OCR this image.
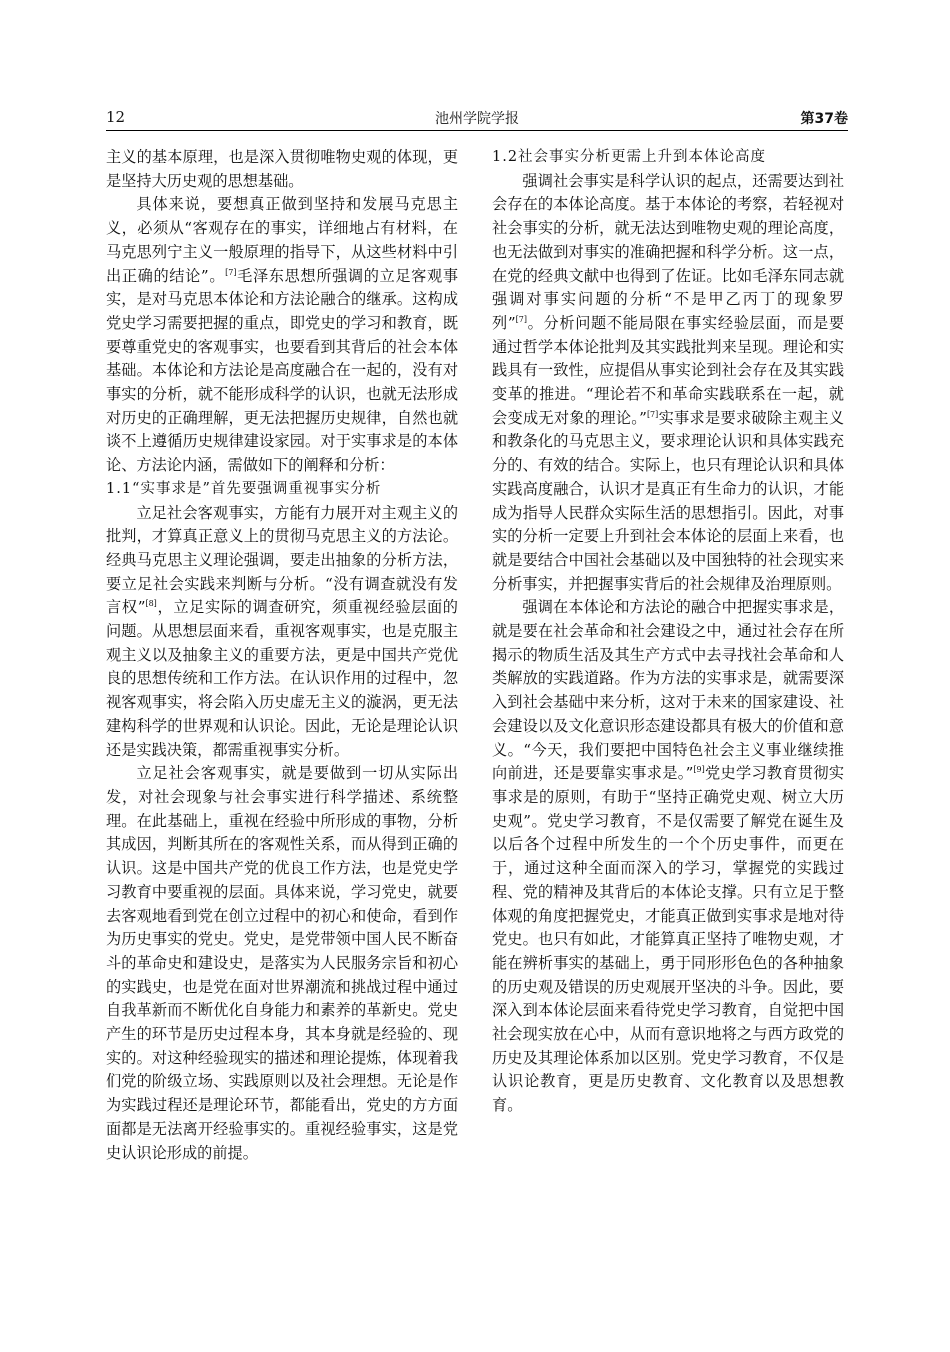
12	池州学院学报	第37卷

主义的基本原理，也是深入贯彻唯物史观的体现，更是坚持大历史观的思想基础。

具体来说，要想真正做到坚持和发展马克思主义，必须从“客观存在的事实，详细地占有材料，在马克思列宁主义一般原理的指导下，从这些材料中引出正确的结论”。[7]毛泽东思想所强调的立足客观事实，是对马克思本体论和方法论融合的继承。这构成党史学习需要把握的重点，即党史的学习和教育，既要尊重党史的客观事实，也要看到其背后的社会本体基础。本体论和方法论是高度融合在一起的，没有对事实的分析，就不能形成科学的认识，也就无法形成对历史的正确理解，更无法把握历史规律，自然也就谈不上遵循历史规律建设家园。对于实事求是的本体论、方法论内涵，需做如下的阐释和分析：

1.1“实事求是”首先要强调重视事实分析

立足社会客观事实，方能有力展开对主观主义的批判，才算真正意义上的贯彻马克思主义的方法论。经典马克思主义理论强调，要走出抽象的分析方法，要立足社会实践来判断与分析。“没有调查就没有发言权”[8]，立足实际的调查研究，须重视经验层面的问题。从思想层面来看，重视客观事实，也是克服主观主义以及抽象主义的重要方法，更是中国共产党优良的思想传统和工作方法。在认识作用的过程中，忽视客观事实，将会陷入历史虚无主义的漩涡，更无法建构科学的世界观和认识论。因此，无论是理论认识还是实践决策，都需重视事实分析。

立足社会客观事实，就是要做到一切从实际出发，对社会现象与社会事实进行科学描述、系统整理。在此基础上，重视在经验中所形成的事物，分析其成因，判断其所在的客观性关系，而从得到正确的认识。这是中国共产党的优良工作方法，也是党史学习教育中要重视的层面。具体来说，学习党史，就要去客观地看到党在创立过程中的初心和使命，看到作为历史事实的党史。党史，是党带领中国人民不断奋斗的革命史和建设史，是落实为人民服务宗旨和初心的实践史，也是党在面对世界潮流和挑战过程中通过自我革新而不断优化自身能力和素养的革新史。党史产生的环节是历史过程本身，其本身就是经验的、现实的。对这种经验现实的描述和理论提炼，体现着我们党的阶级立场、实践原则以及社会理想。无论是作为实践过程还是理论环节，都能看出，党史的方方面面都是无法离开经验事实的。重视经验事实，这是党史认识论形成的前提。

1.2社会事实分析更需上升到本体论高度

强调社会事实是科学认识的起点，还需要达到社会存在的本体论高度。基于本体论的考察，若轻视对社会事实的分析，就无法达到唯物史观的理论高度，也无法做到对事实的准确把握和科学分析。这一点，在党的经典文献中也得到了佐证。比如毛泽东同志就强调对事实问题的分析“不是甲乙丙丁的现象罗列”[7]。分析问题不能局限在事实经验层面，而是要通过哲学本体论批判及其实践批判来呈现。理论和实践具有一致性，应提倡从事实论到社会存在及其实践变革的推进。“理论若不和革命实践联系在一起，就会变成无对象的理论。”[7]实事求是要求破除主观主义和教条化的马克思主义，要求理论认识和具体实践充分的、有效的结合。实际上，也只有理论认识和具体实践高度融合，认识才是真正有生命力的认识，才能成为指导人民群众实际生活的思想指引。因此，对事实的分析一定要上升到社会本体论的层面上来看，也就是要结合中国社会基础以及中国独特的社会现实来分析事实，并把握事实背后的社会规律及治理原则。

强调在本体论和方法论的融合中把握实事求是，就是要在社会革命和社会建设之中，通过社会存在所揭示的物质生活及其生产方式中去寻找社会革命和人类解放的实践道路。作为方法的实事求是，就需要深入到社会基础中来分析，这对于未来的国家建设、社会建设以及文化意识形态建设都具有极大的价值和意义。“今天，我们要把中国特色社会主义事业继续推向前进，还是要靠实事求是。”[9]党史学习教育贯彻实事求是的原则，有助于“坚持正确党史观、树立大历史观”。党史学习教育，不是仅需要了解党在诞生及以后各个过程中所发生的一个个历史事件，而更在于，通过这种全面而深入的学习，掌握党的实践过程、党的精神及其背后的本体论支撑。只有立足于整体观的角度把握党史，才能真正做到实事求是地对待党史。也只有如此，才能算真正坚持了唯物史观，才能在辨析事实的基础上，勇于同形形色色的各种抽象的历史观及错误的历史观展开坚决的斗争。因此，要深入到本体论层面来看待党史学习教育，自觉把中国社会现实放在心中，从而有意识地将之与西方政党的历史及其理论体系加以区别。党史学习教育，不仅是认识论教育，更是历史教育、文化教育以及思想教育。
